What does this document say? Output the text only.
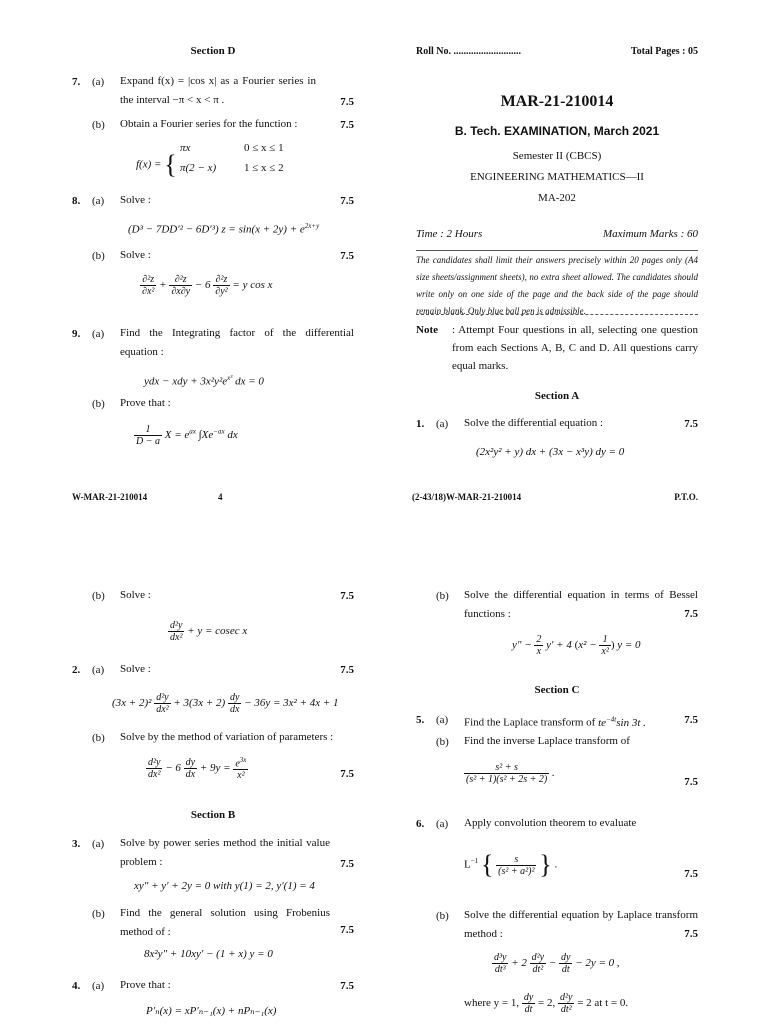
Section D
7. (a) Expand f(x) = |cos x| as a Fourier series in the interval −π < x < π .	7.5
(b) Obtain a Fourier series for the function :	7.5
f(x) = {
πx	0 ≤ x ≤ 1
π(2 − x)	1 ≤ x ≤ 2
8. (a) Solve :	7.5
(D³ − 7DD′² − 6D′³) $z = \sin(x + 2y) + e^{2x+y}$
(b) Solve :	7.5
$\frac{\text{∂²z}}{\text{∂x²}} + \frac{\text{∂²z}}{\partial x\partial y} - 6 \frac{\text{∂²z}}{\text{∂y²}} = y$ cos x
9. (a) Find the Integrating factor of the differential equation :
ydx − xdy + $3x^2y^2e^{x^3}$ dx = 0
(b) Prove that :
$\frac{1}{D - a}$ $X = e^{ax}$ $\int Xe^{-ax}$ dx
W-MAR-21-210014	4
Roll No. ...........................	Total Pages : 05
MAR-21-210014
B. Tech. EXAMINATION, March 2021
Semester II (CBCS)
ENGINEERING MATHEMATICS—II
MA-202
Time : 2 Hours	Maximum Marks : 60
The candidates shall limit their answers precisely within 20 pages only (A4 size sheets/assignment sheets), no extra sheet allowed. The candidates should write only on one side of the page and the back side of the page should remain blank. Only blue ball pen is admissible.
Note : Attempt Four questions in all, selecting one question from each Sections A, B, C and D. All questions carry equal marks.
Section A
1. (a) Solve the differential equation :	7.5
(2x²y² + y) dx + (3x − x³y) dy = 0
(2-43/18)W-MAR-21-210014	P.T.O.
(b) Solve :	7.5
$\frac{\text{d²y}}{\text{dx²}} + y = cosec$ x
2. (a) Solve :	7.5
$(3x + 2)^2 \frac{\text{d²y}}{\text{dx²}} + 3(3x + 2) \frac{dy}{dx} - 36y = 3x^2 + 4x + 1$
(b) Solve by the method of variation of parameters :
$\frac{\text{d²y}}{\text{dx²}} - 6 \frac{dy}{dx} + 9y = \frac{e^{3x}}{\text{x²}}$	7.5
Section B
3. (a) Solve by power series method the initial value problem :	7.5
xy″ + y′ + 2y = 0 with y(1) = 2, y′(1) = 4
(b) Find the general solution using Frobenius method of :	7.5
8x²y″ + 10xy′ − (1 + x) y = 0
4. (a) Prove that :	7.5
P′ₙ(x) = xP′ₙ₋₁(x) + nPₙ₋₁(x)
(b) Solve the differential equation in terms of Bessel functions :	7.5
$y'' - \frac{2}{x} y' + 4$ ($x^2 - \frac{1}{\text{x²}}$ ) y = 0
Section C
5. (a) Find the Laplace transform of $te^{-4t}\sin$ 3t .	7.5
(b) Find the inverse Laplace transform of
$\frac{\text{s² + s}}{\text{(s² + 1)(s² + 2s + 2)}}$ .
7.5
6. (a) Apply convolution theorem to evaluate
$L^{-1}$ { $\frac{s}{\text{(s² + a²)²}}$ } .
7.5
(b) Solve the differential equation by Laplace transform method :	7.5
$\frac{\text{d³y}}{\text{dt³}} + 2 \frac{\text{d²y}}{\text{dt²}} - \frac{dy}{dt} - 2y = 0$ ,
where y = 1, $\frac{dy}{dt} = 2$, $\frac{\text{d²y}}{\text{dt²}} = 2$ at t = 0.
